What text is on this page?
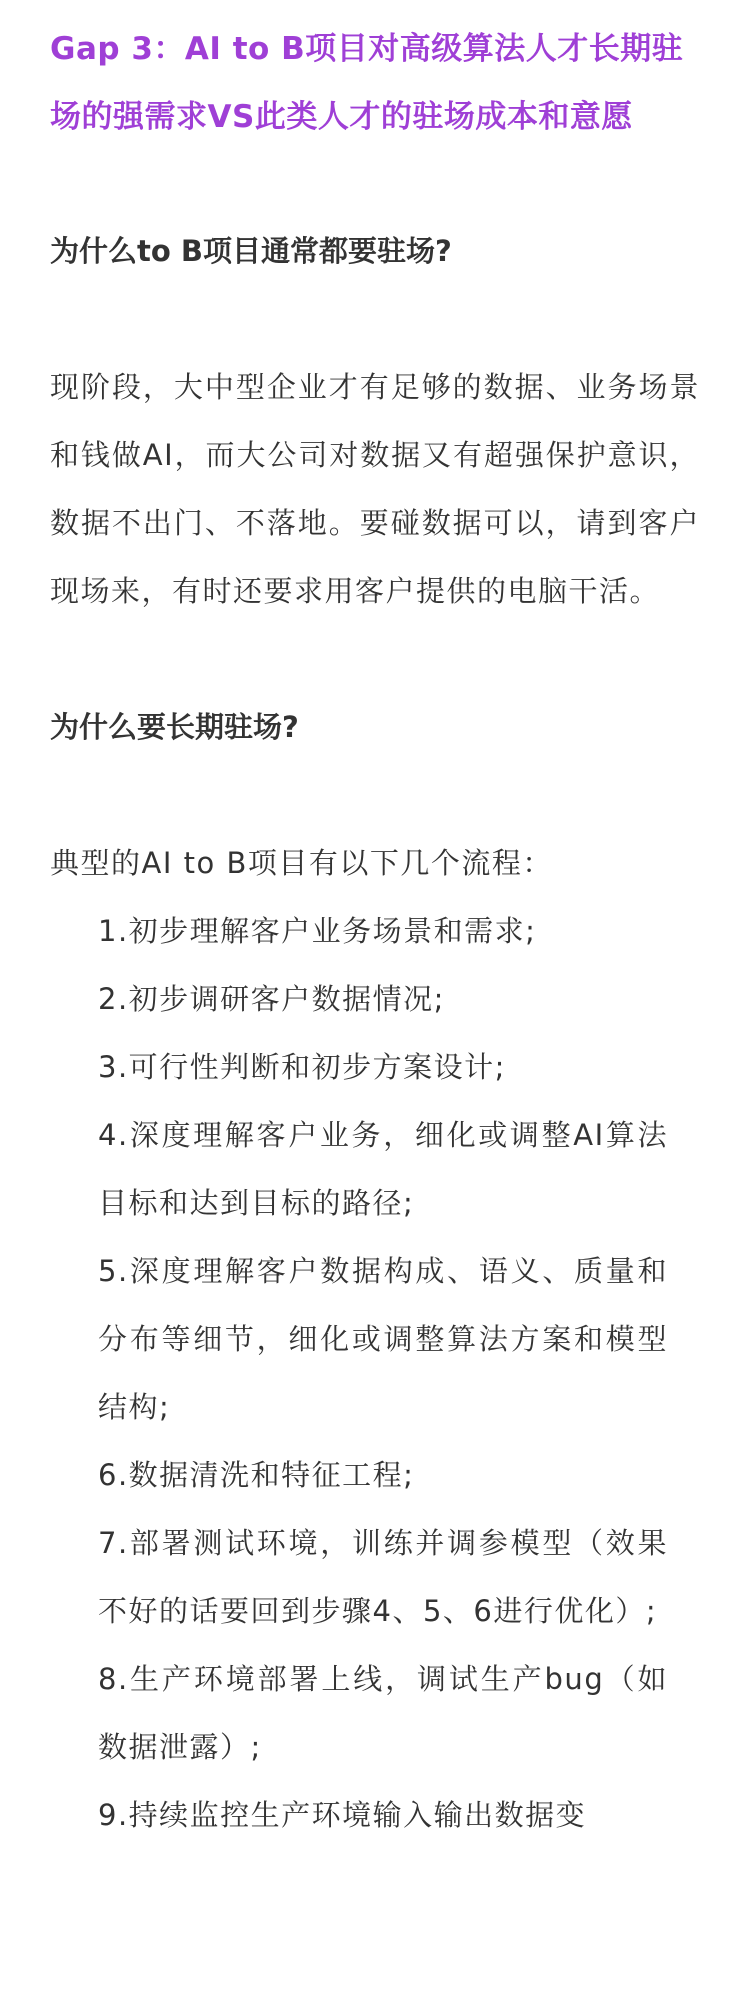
Gap 3：AI to B项目对高级算法人才长期驻场的强需求VS此类人才的驻场成本和意愿
为什么to B项目通常都要驻场?

现阶段，大中型企业才有足够的数据、业务场景和钱做AI，而大公司对数据又有超强保护意识，数据不出门、不落地。要碰数据可以，请到客户现场来，有时还要求用客户提供的电脑干活。

为什么要长期驻场?

典型的AI to B项目有以下几个流程：

1.初步理解客户业务场景和需求;
2.初步调研客户数据情况;
3.可行性判断和初步方案设计;
4.深度理解客户业务，细化或调整AI算法目标和达到目标的路径;
5.深度理解客户数据构成、语义、质量和分布等细节，细化或调整算法方案和模型结构;
6.数据清洗和特征工程;
7.部署测试环境，训练并调参模型（效果不好的话要回到步骤4、5、6进行优化）;
8.生产环境部署上线，调试生产bug（如数据泄露）;
9.持续监控生产环境输入输出数据变
